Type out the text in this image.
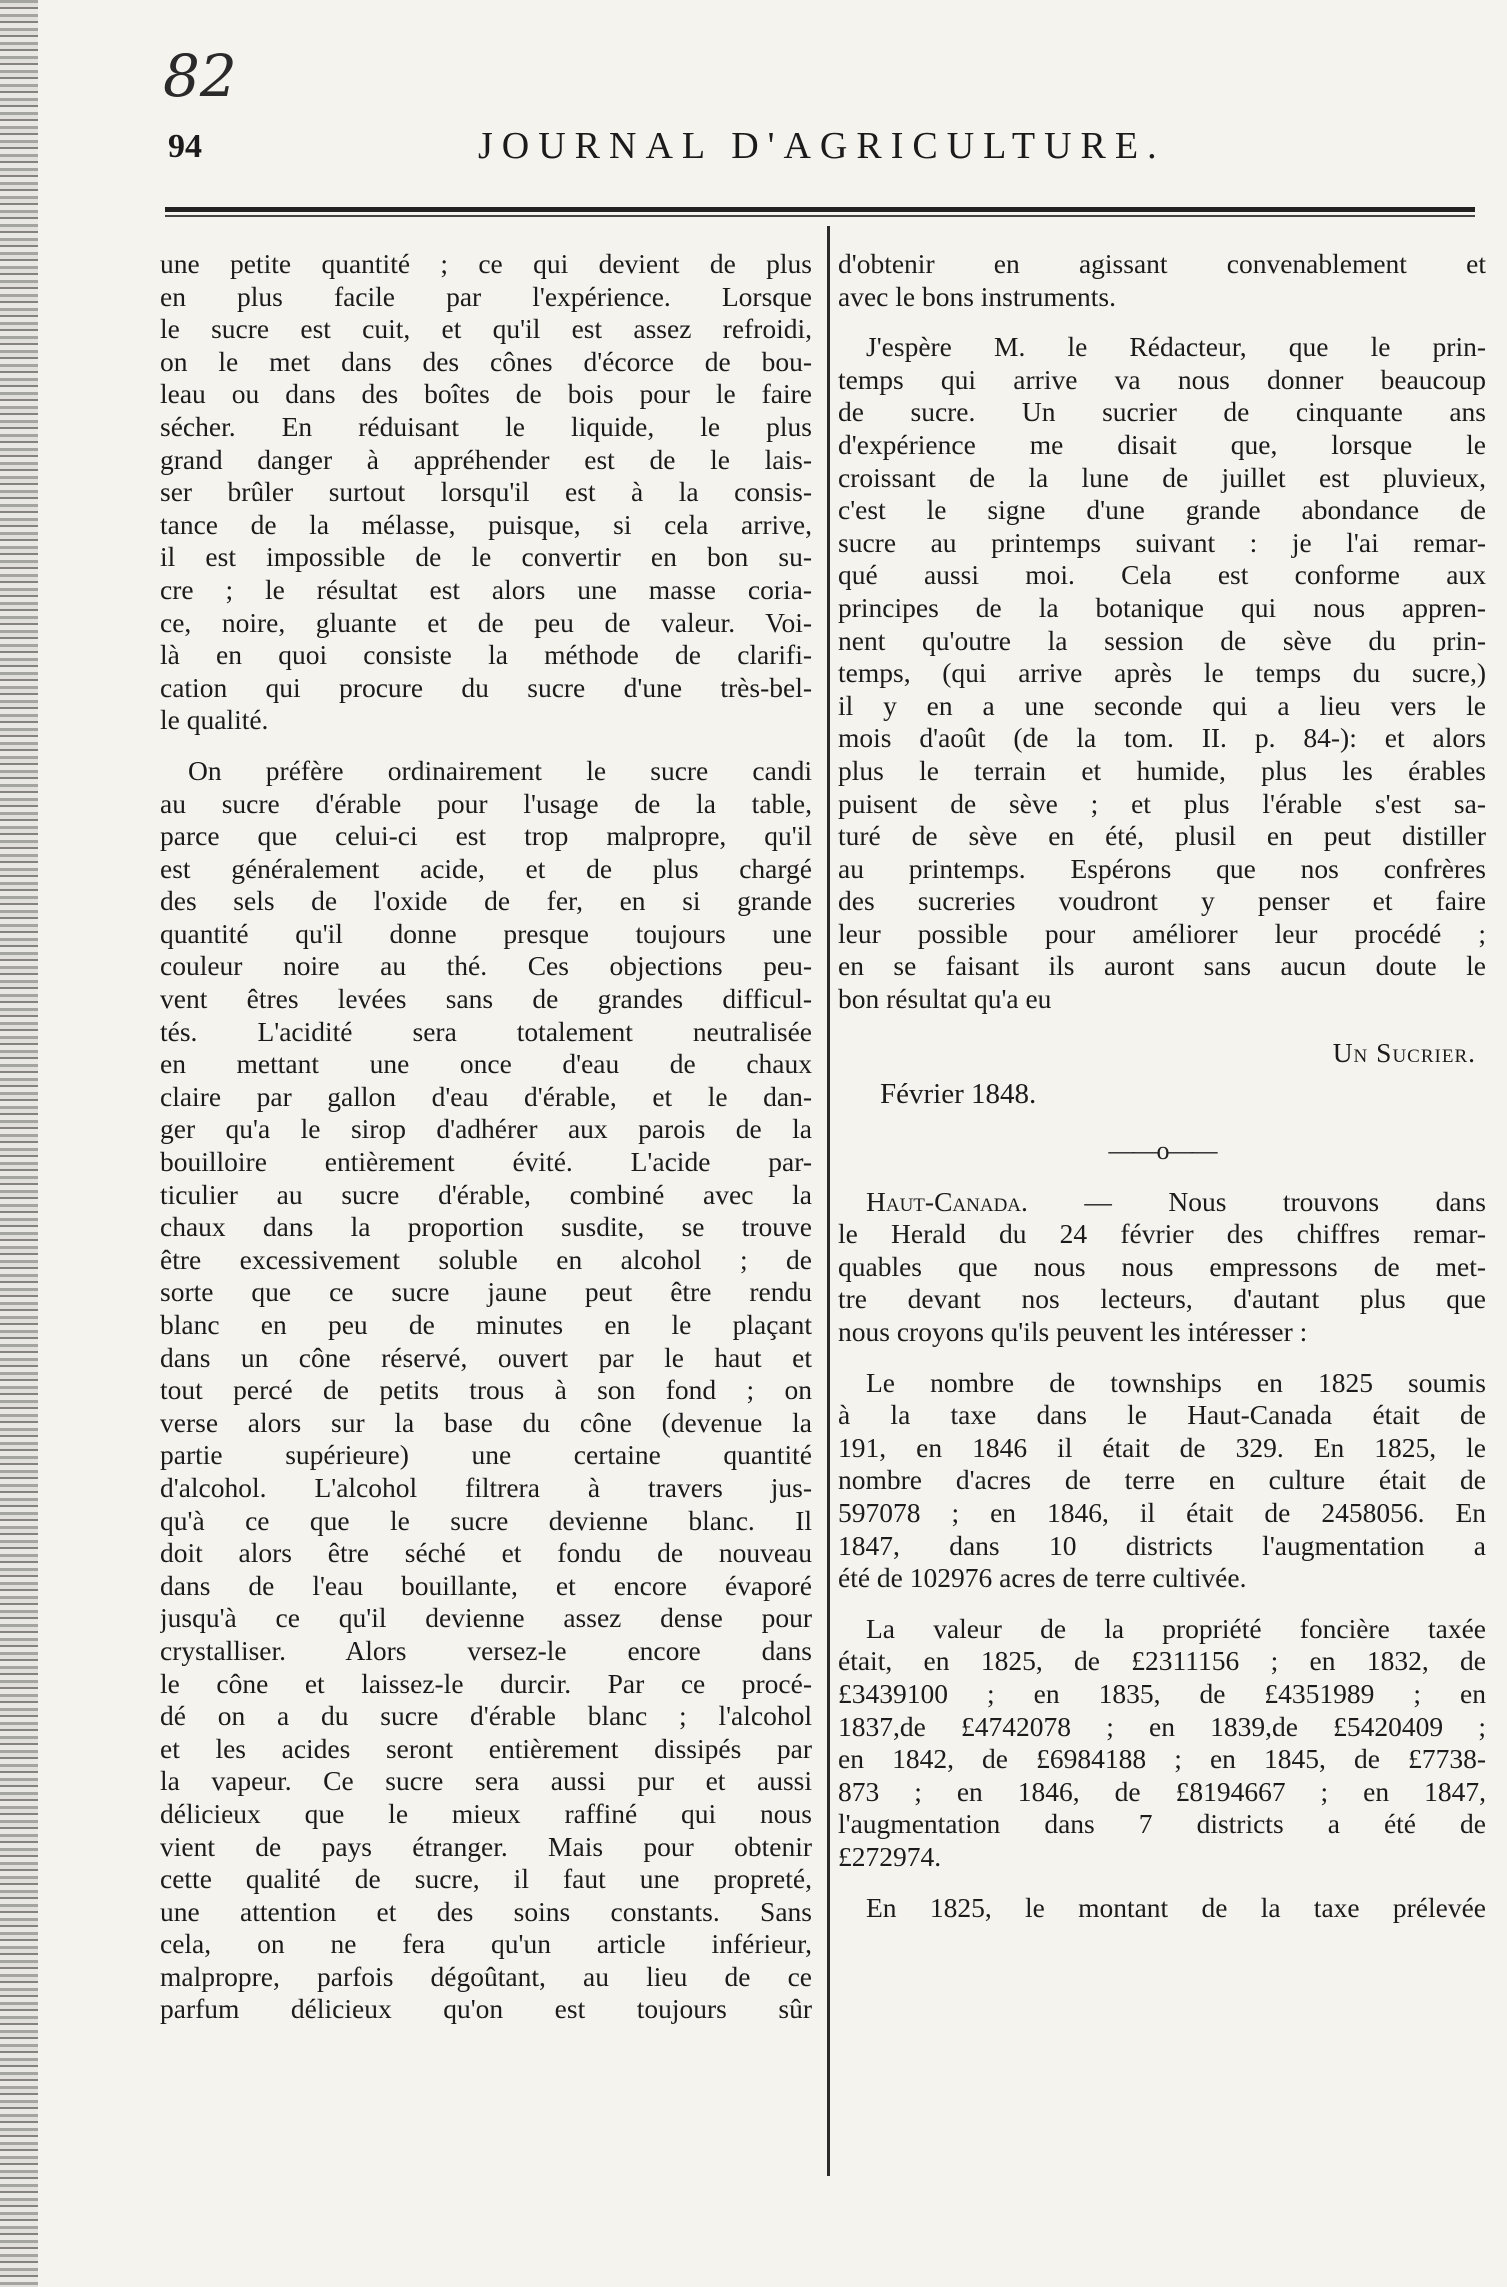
82
94	JOURNAL D'AGRICULTURE.
une petite quantité ; ce qui devient de plus
en plus facile par l'expérience. Lorsque
le sucre est cuit, et qu'il est assez refroidi,
on le met dans des cônes d'écorce de bou-
leau ou dans des boîtes de bois pour le faire
sécher. En réduisant le liquide, le plus
grand danger à appréhender est de le lais-
ser brûler surtout lorsqu'il est à la consis-
tance de la mélasse, puisque, si cela arrive,
il est impossible de le convertir en bon su-
cre ; le résultat est alors une masse coria-
ce, noire, gluante et de peu de valeur. Voi-
là en quoi consiste la méthode de clarifi-
cation qui procure du sucre d'une très-bel-
le qualité.
On préfère ordinairement le sucre candi
au sucre d'érable pour l'usage de la table,
parce que celui-ci est trop malpropre, qu'il
est généralement acide, et de plus chargé
des sels de l'oxide de fer, en si grande
quantité qu'il donne presque toujours une
couleur noire au thé. Ces objections peu-
vent êtres levées sans de grandes difficul-
tés. L'acidité sera totalement neutralisée
en mettant une once d'eau de chaux
claire par gallon d'eau d'érable, et le dan-
ger qu'a le sirop d'adhérer aux parois de la
bouilloire entièrement évité. L'acide par-
ticulier au sucre d'érable, combiné avec la
chaux dans la proportion susdite, se trouve
être excessivement soluble en alcohol ; de
sorte que ce sucre jaune peut être rendu
blanc en peu de minutes en le plaçant
dans un cône réservé, ouvert par le haut et
tout percé de petits trous à son fond ; on
verse alors sur la base du cône (devenue la
partie supérieure) une certaine quantité
d'alcohol. L'alcohol filtrera à travers jus-
qu'à ce que le sucre devienne blanc. Il
doit alors être séché et fondu de nouveau
dans de l'eau bouillante, et encore évaporé
jusqu'à ce qu'il devienne assez dense pour
crystalliser. Alors versez-le encore dans
le cône et laissez-le durcir. Par ce procé-
dé on a du sucre d'érable blanc ; l'alcohol
et les acides seront entièrement dissipés par
la vapeur. Ce sucre sera aussi pur et aussi
délicieux que le mieux raffiné qui nous
vient de pays étranger. Mais pour obtenir
cette qualité de sucre, il faut une propreté,
une attention et des soins constants. Sans
cela, on ne fera qu'un article inférieur,
malpropre, parfois dégoûtant, au lieu de ce
parfum délicieux qu'on est toujours sûr
d'obtenir en agissant convenablement et
avec le bons instruments.
J'espère M. le Rédacteur, que le prin-
temps qui arrive va nous donner beaucoup
de sucre. Un sucrier de cinquante ans
d'expérience me disait que, lorsque le
croissant de la lune de juillet est pluvieux,
c'est le signe d'une grande abondance de
sucre au printemps suivant : je l'ai remar-
qué aussi moi. Cela est conforme aux
principes de la botanique qui nous appren-
nent qu'outre la session de sève du prin-
temps, (qui arrive après le temps du sucre,)
il y en a une seconde qui a lieu vers le
mois d'août (de la tom. II. p. 84-): et alors
plus le terrain et humide, plus les érables
puisent de sève ; et plus l'érable s'est sa-
turé de sève en été, plusil en peut distiller
au printemps. Espérons que nos confrères
des sucreries voudront y penser et faire
leur possible pour améliorer leur procédé ;
en se faisant ils auront sans aucun doute le
bon résultat qu'a eu
Un Sucrier.
Février 1848.
——o——
Haut-Canada. — Nous trouvons dans
le Herald du 24 février des chiffres remar-
quables que nous nous empressons de met-
tre devant nos lecteurs, d'autant plus que
nous croyons qu'ils peuvent les intéresser :
Le nombre de townships en 1825 soumis
à la taxe dans le Haut-Canada était de
191, en 1846 il était de 329. En 1825, le
nombre d'acres de terre en culture était de
597078 ; en 1846, il était de 2458056. En
1847, dans 10 districts l'augmentation a
été de 102976 acres de terre cultivée.
La valeur de la propriété foncière taxée
était, en 1825, de £2311156 ; en 1832, de
£3439100 ; en 1835, de £4351989 ; en
1837,de £4742078 ; en 1839,de £5420409 ;
en 1842, de £6984188 ; en 1845, de £7738-
873 ; en 1846, de £8194667 ; en 1847,
l'augmentation dans 7 districts a été de
£272974.
En 1825, le montant de la taxe prélevée
